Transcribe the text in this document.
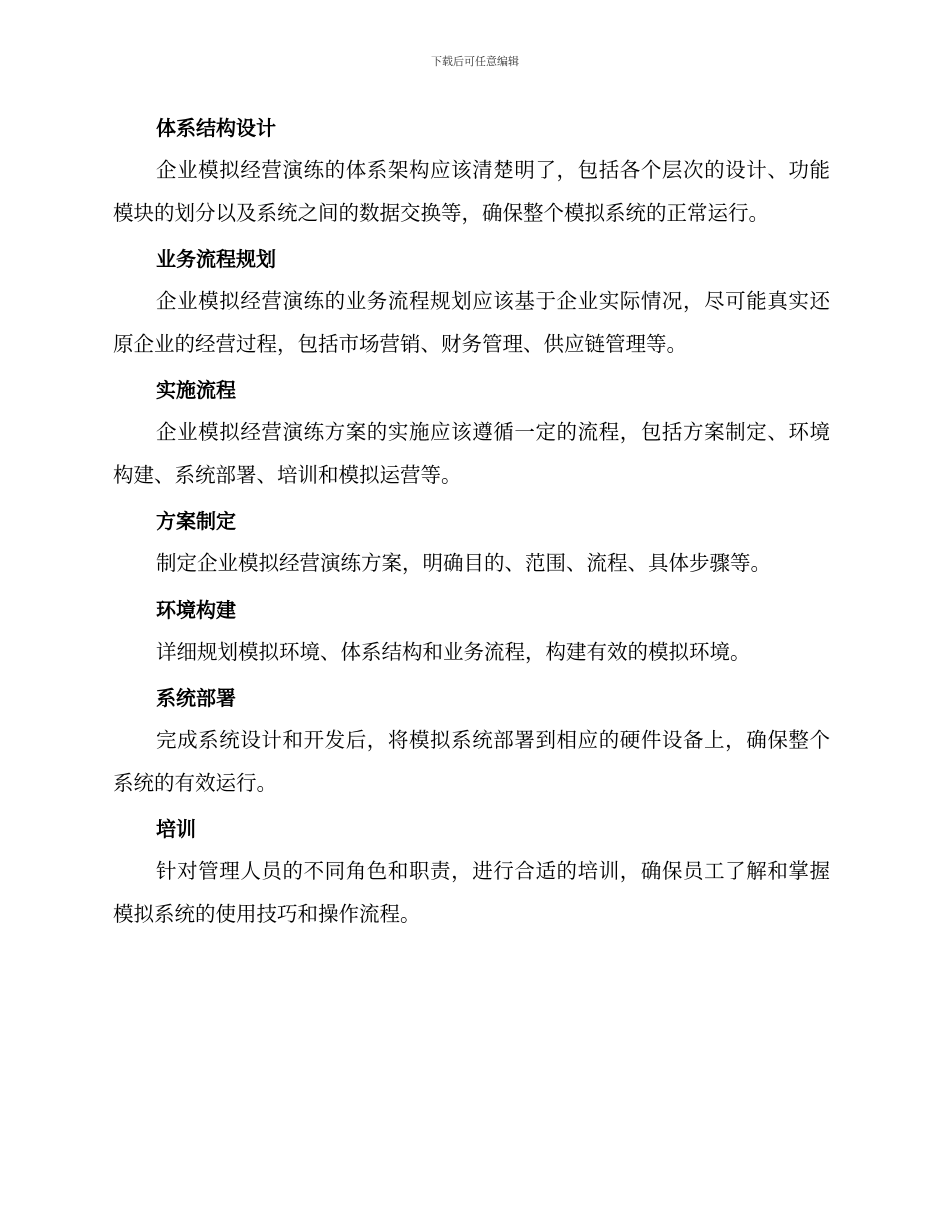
下载后可任意编辑
体系结构设计

企业模拟经营演练的体系架构应该清楚明了，包括各个层次的设计、功能模块的划分以及系统之间的数据交换等，确保整个模拟系统的正常运行。

业务流程规划

企业模拟经营演练的业务流程规划应该基于企业实际情况，尽可能真实还原企业的经营过程，包括市场营销、财务管理、供应链管理等。

实施流程

企业模拟经营演练方案的实施应该遵循一定的流程，包括方案制定、环境构建、系统部署、培训和模拟运营等。

方案制定

制定企业模拟经营演练方案，明确目的、范围、流程、具体步骤等。

环境构建

详细规划模拟环境、体系结构和业务流程，构建有效的模拟环境。

系统部署

完成系统设计和开发后，将模拟系统部署到相应的硬件设备上，确保整个系统的有效运行。

培训

针对管理人员的不同角色和职责，进行合适的培训，确保员工了解和掌握模拟系统的使用技巧和操作流程。
